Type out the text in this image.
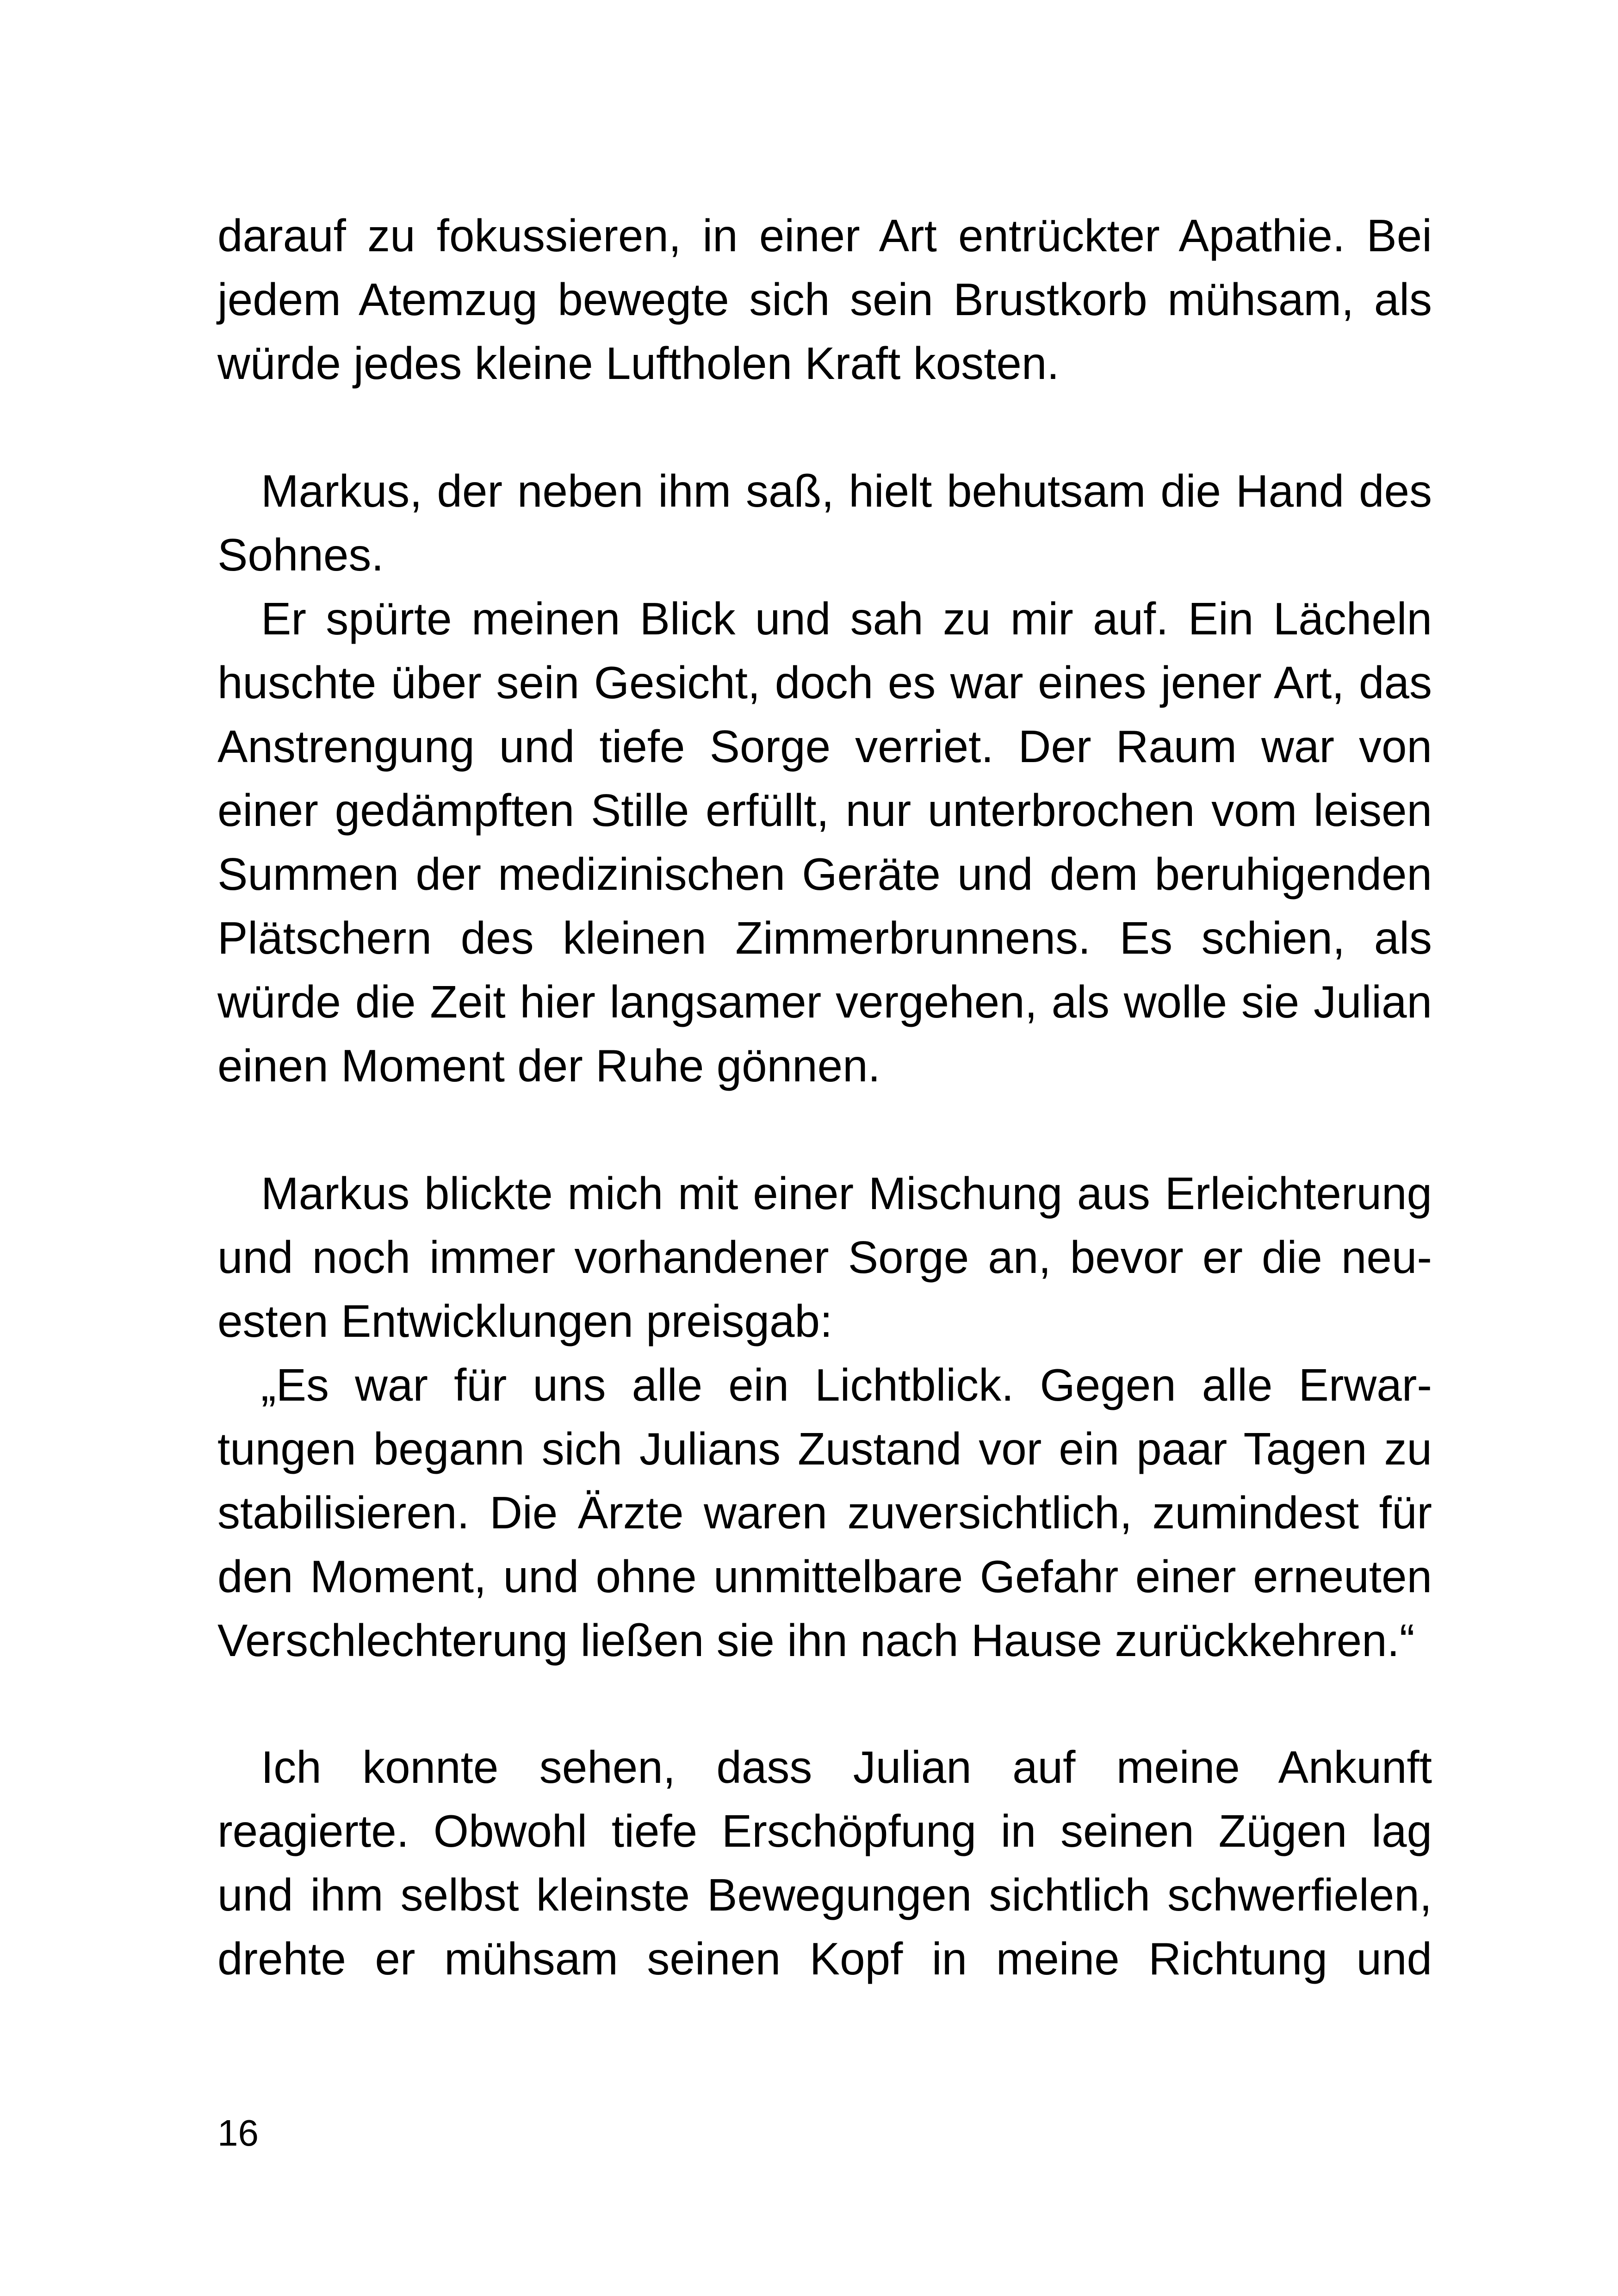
darauf zu fokussieren, in einer Art entrückter Apathie. Bei
jedem Atemzug bewegte sich sein Brustkorb mühsam, als
würde jedes kleine Luftholen Kraft kosten.
Markus, der neben ihm saß, hielt behutsam die Hand des
Sohnes.
Er spürte meinen Blick und sah zu mir auf. Ein Lächeln
huschte über sein Gesicht, doch es war eines jener Art, das
Anstrengung und tiefe Sorge verriet. Der Raum war von
einer gedämpften Stille erfüllt, nur unterbrochen vom leisen
Summen der medizinischen Geräte und dem beruhigenden
Plätschern des kleinen Zimmerbrunnens. Es schien, als
würde die Zeit hier langsamer vergehen, als wolle sie Julian
einen Moment der Ruhe gönnen.
Markus blickte mich mit einer Mischung aus Erleichterung
und noch immer vorhandener Sorge an, bevor er die neu-
esten Entwicklungen preisgab:
„Es war für uns alle ein Lichtblick. Gegen alle Erwar-
tungen begann sich Julians Zustand vor ein paar Tagen zu
stabilisieren. Die Ärzte waren zuversichtlich, zumindest für
den Moment, und ohne unmittelbare Gefahr einer erneuten
Verschlechterung ließen sie ihn nach Hause zurückkehren.“
Ich konnte sehen, dass Julian auf meine Ankunft
reagierte. Obwohl tiefe Erschöpfung in seinen Zügen lag
und ihm selbst kleinste Bewegungen sichtlich schwerfielen,
drehte er mühsam seinen Kopf in meine Richtung und
16
